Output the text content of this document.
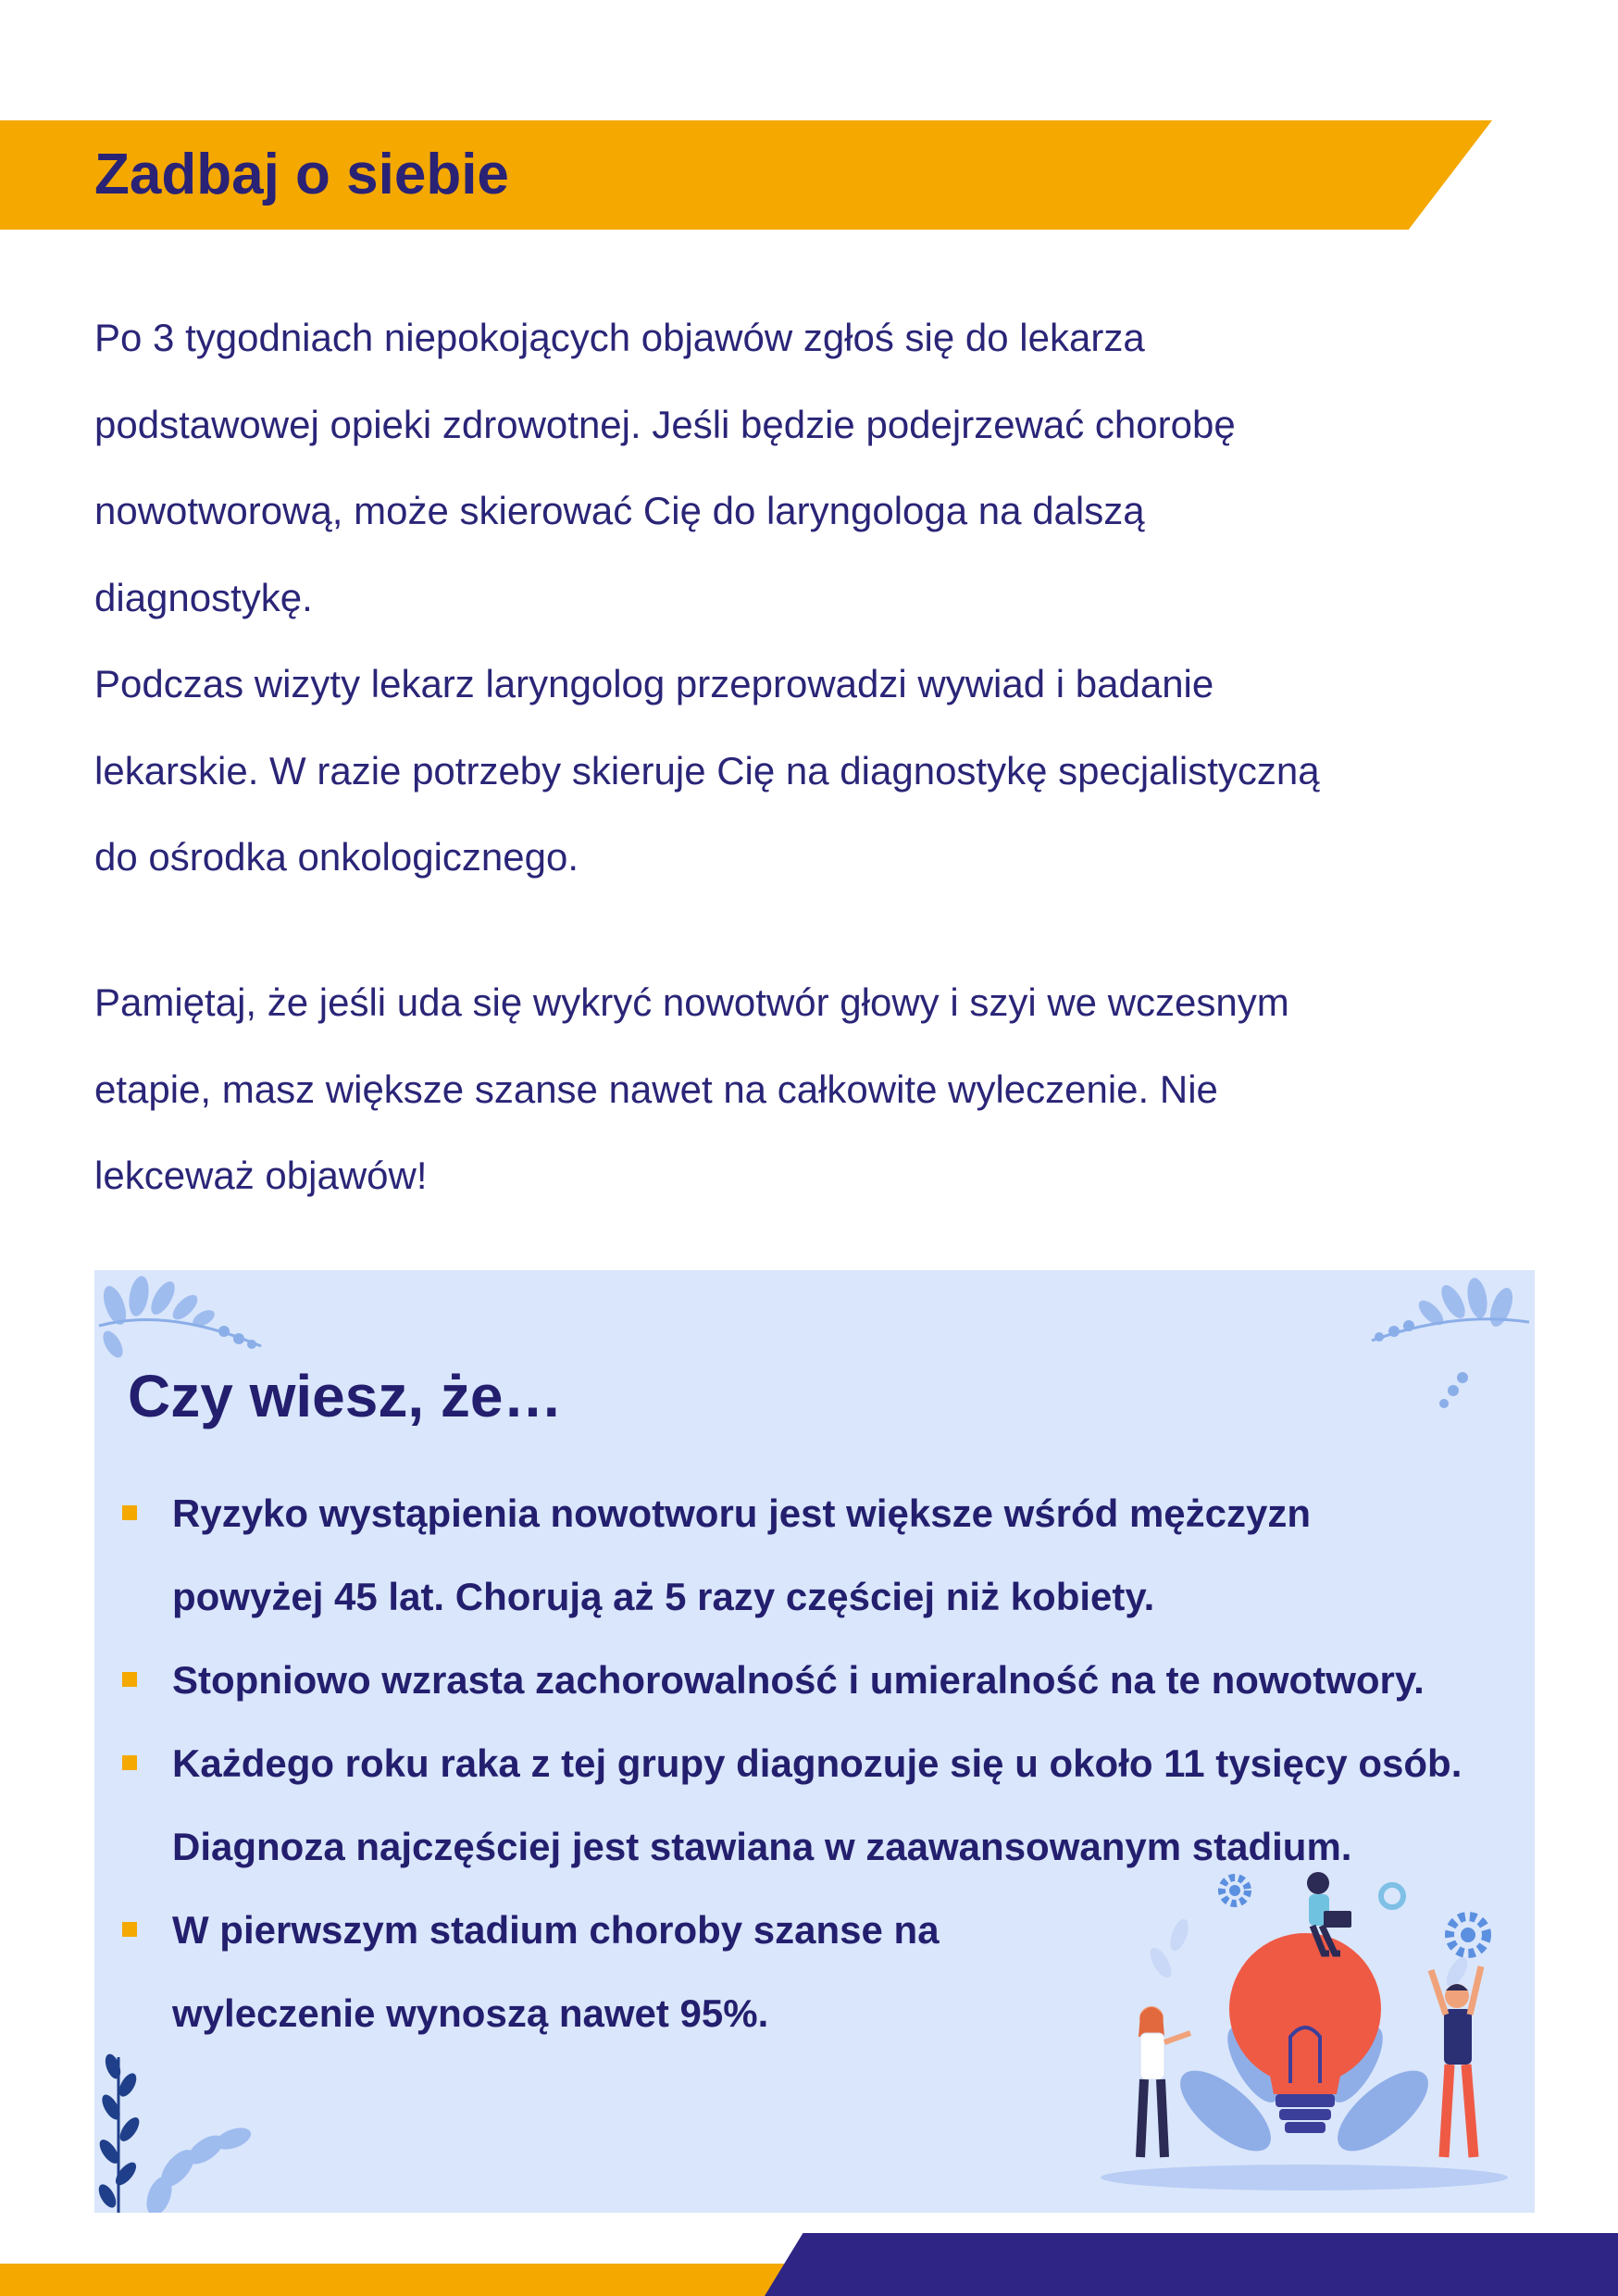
Zadbaj o siebie

Po 3 tygodniach niepokojących objawów zgłoś się do lekarza

podstawowej opieki zdrowotnej. Jeśli będzie podejrzewać chorobę

nowotworową, może skierować Cię do laryngologa na dalszą

diagnostykę.

Podczas wizyty lekarz laryngolog przeprowadzi wywiad i badanie

lekarskie. W razie potrzeby skieruje Cię na diagnostykę specjalistyczną

do ośrodka onkologicznego.

Pamiętaj, że jeśli uda się wykryć nowotwór głowy i szyi we wczesnym

etapie, masz większe szanse nawet na całkowite wyleczenie. Nie

lekceważ objawów!

Czy wiesz, że…
Ryzyko wystąpienia nowotworu jest większe wśród mężczyzn powyżej 45 lat. Chorują aż 5 razy częściej niż kobiety.
Stopniowo wzrasta zachorowalność i umieralność na te nowotwory.
Każdego roku raka z tej grupy diagnozuje się u około 11 tysięcy osób. Diagnoza najczęściej jest stawiana w zaawansowanym stadium.
W pierwszym stadium choroby szanse na wyleczenie wynoszą nawet 95%.
